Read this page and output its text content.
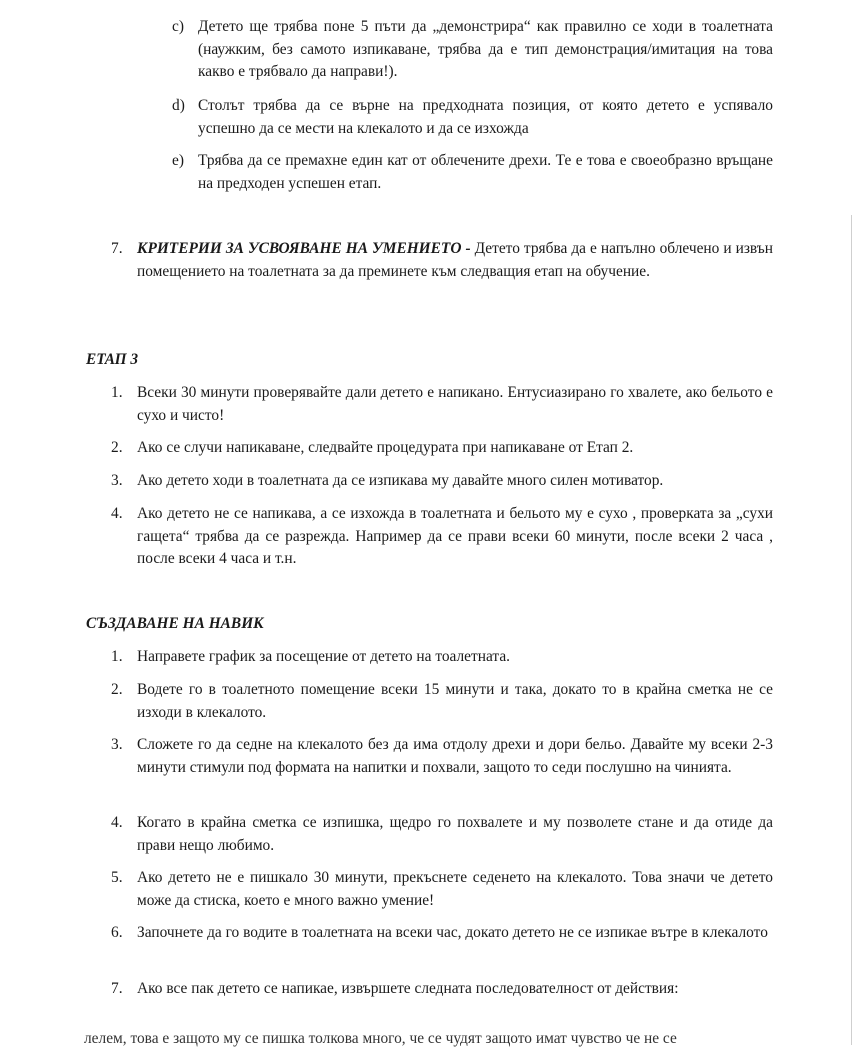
c) Детето ще трябва поне 5 пъти да „демонстрира“ как правилно се ходи в тоалетната (наужким, без самото изпикаване, трябва да е тип демонстрация/имитация на това какво е трябвало да направи!).
d) Столът трябва да се върне на предходната позиция, от която детето е успявало успешно да се мести на клекалото и да се изхожда
e) Трябва да се премахне един кат от облечените дрехи. Те е това е своеобразно връщане на предходен успешен етап.
7. КРИТЕРИИ ЗА УСВОЯВАНЕ НА УМЕНИЕТО - Детето трябва да е напълно облечено и извън помещението на тоалетната за да преминете към следващия етап на обучение.
ЕТАП 3
1. Всеки 30 минути проверявайте дали детето е напикано. Ентусиазирано го хвалете, ако бельото е сухо и чисто!
2. Ако се случи напикаване, следвайте процедурата при напикаване от Етап 2.
3. Ако детето ходи в тоалетната да се изпикава му давайте много силен мотиватор.
4. Ако детето не се напикава, а се изхожда в тоалетната и бельото му е сухо , проверката за „сухи гащета“ трябва да се разрежда. Например да се прави всеки 60 минути, после всеки 2 часа , после всеки 4 часа и т.н.
СЪЗДАВАНЕ НА НАВИК
1. Направете график за посещение от детето на тоалетната.
2. Водете го в тоалетното помещение всеки 15 минути и така, докато то в крайна сметка не се изходи в клекалото.
3. Сложете го да седне на клекалото без да има отдолу дрехи и дори бельо. Давайте му всеки 2-3 минути стимули под формата на напитки и похвали, защото то седи послушно на чинията.
4. Когато в крайна сметка се изпишка, щедро го похвалете и му позволете стане и да отиде да прави нещо любимо.
5. Ако детето не е пишкало 30 минути, прекъснете седенето на клекалото. Това значи че детето може да стиска, което е много важно умение!
6. Започнете да го водите в тоалетната на всеки час, докато детето не се изпикае вътре в клекалото
7. Ако все пак детето се напикае, извършете следната последователност от действия:
лелем, това е защото му се пишка толкова много, че се чудят защото имат чувство че не се
